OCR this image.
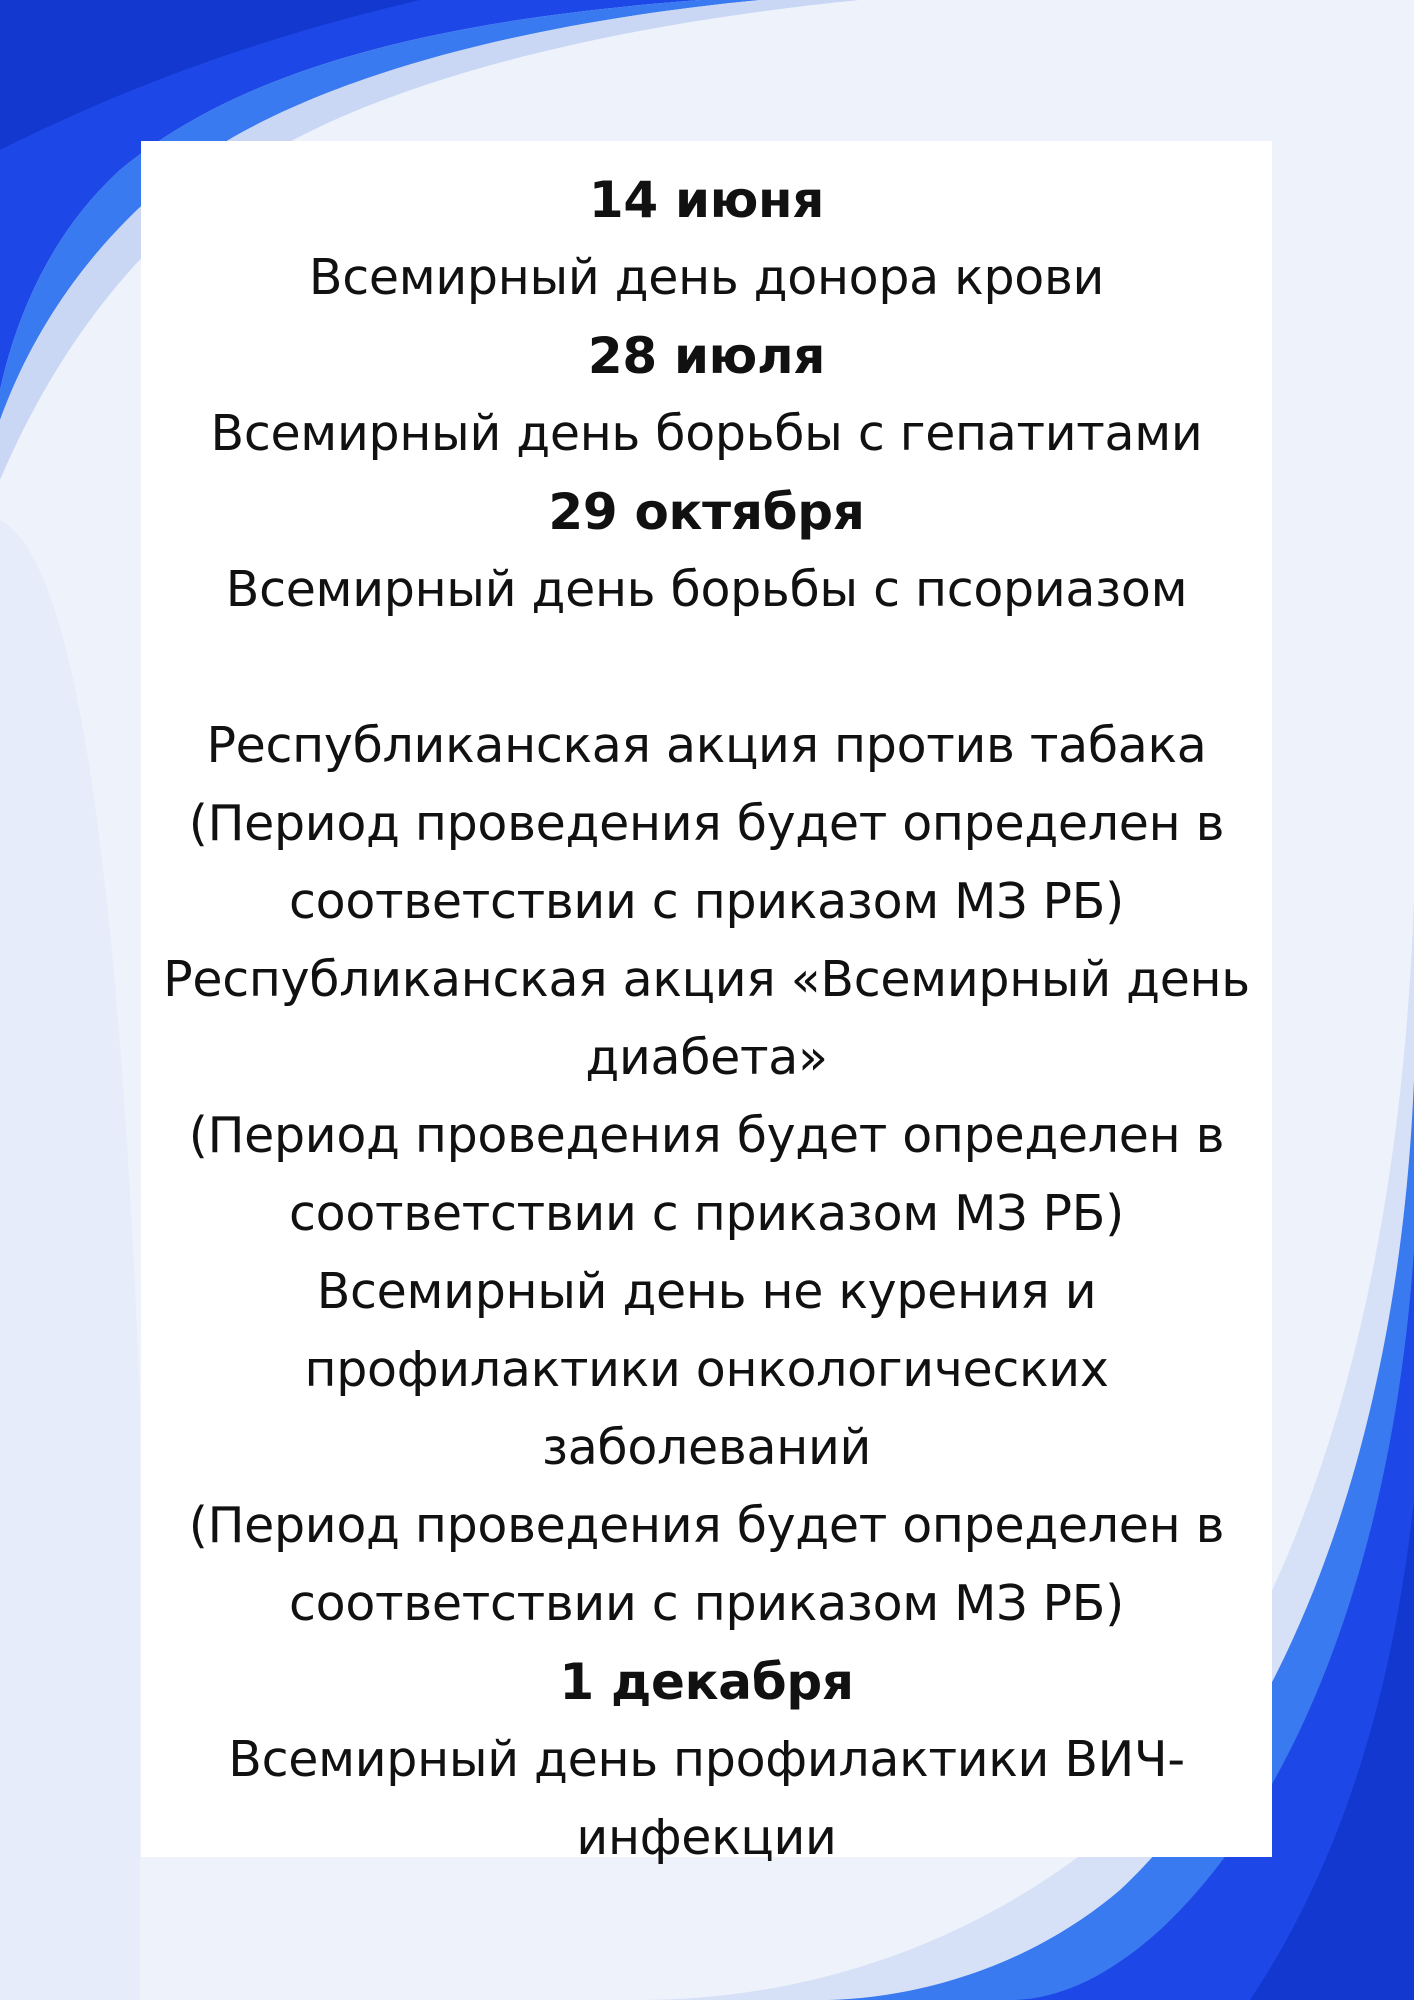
14 июня
Всемирный день донора крови
28 июля
Всемирный день борьбы с гепатитами
29 октября
Всемирный день борьбы с псориазом
Республиканская акция против табака
(Период проведения будет определен в
соответствии с приказом МЗ РБ)
Республиканская акция «Всемирный день
диабета»
(Период проведения будет определен в
соответствии с приказом МЗ РБ)
Всемирный день не курения и
профилактики онкологических
заболеваний
(Период проведения будет определен в
соответствии с приказом МЗ РБ)
1 декабря
Всемирный день профилактики ВИЧ-
инфекции
